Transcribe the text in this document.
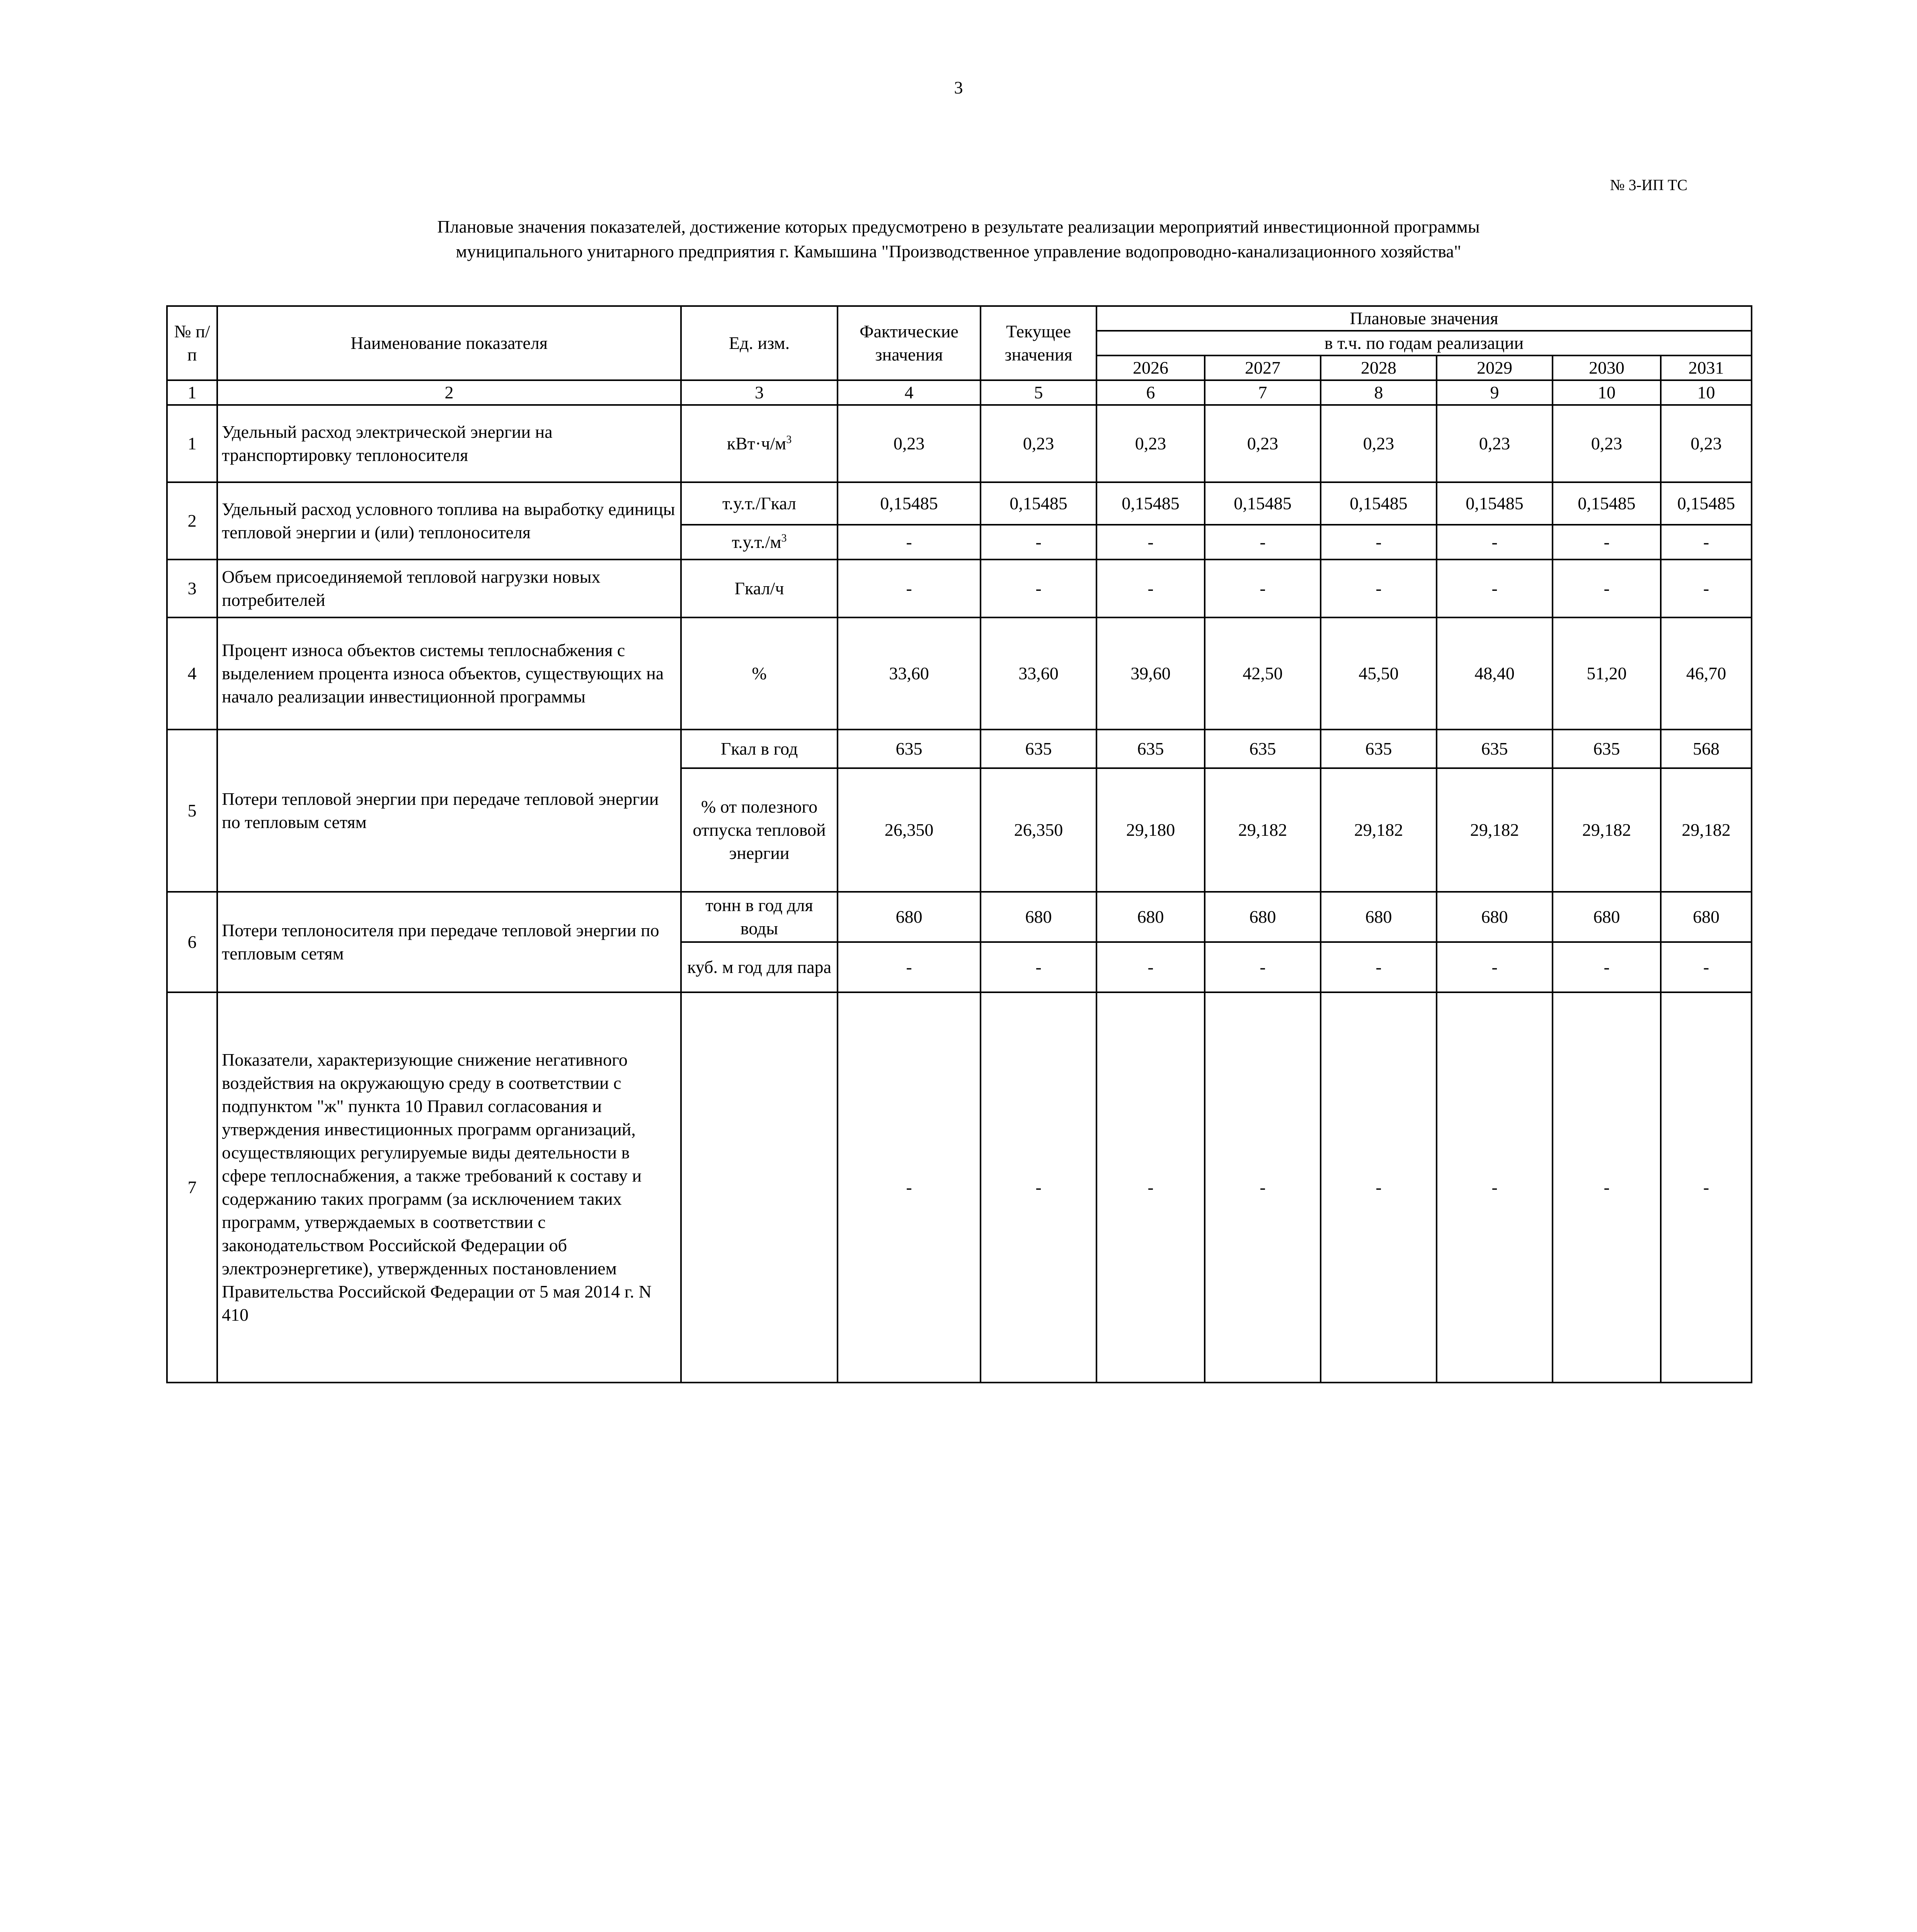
3
№ 3-ИП ТС
Плановые значения показателей, достижение которых предусмотрено в результате реализации мероприятий инвестиционной программы
муниципального унитарного предприятия г. Камышина "Производственное управление водопроводно-канализационного хозяйства"
№ п/п	Наименование показателя	Ед. изм.	Фактические значения	Текущее значения	Плановые значения					
					в т.ч. по годам реализации					
					2026	2027	2028	2029	2030	2031
1	2	3	4	5	6	7	8	9	10	10
1	Удельный расход электрической энергии на транспортировку теплоносителя	$кВт\cdot ч/м^3$	0,23	0,23	0,23	0,23	0,23	0,23	0,23	0,23
2	Удельный расход условного топлива на выработку единицы тепловой энергии и (или) теплоносителя	т.у.т./Гкал	0,15485	0,15485	0,15485	0,15485	0,15485	0,15485	0,15485	0,15485
		$т.у.т./м^3$	-	-	-	-	-	-	-	-
3	Объем присоединяемой тепловой нагрузки новых потребителей	Гкал/ч	-	-	-	-	-	-	-	-
4	Процент износа объектов системы теплоснабжения с выделением процента износа объектов, существующих на начало реализации инвестиционной программы	%	33,60	33,60	39,60	42,50	45,50	48,40	51,20	46,70
5	Потери тепловой энергии при передаче тепловой энергии по тепловым сетям	Гкал в год	635	635	635	635	635	635	635	568
		% от полезного отпуска тепловой энергии	26,350	26,350	29,180	29,182	29,182	29,182	29,182	29,182
6	Потери теплоносителя при передаче тепловой энергии по тепловым сетям	тонн в год для воды	680	680	680	680	680	680	680	680
		куб. м год для пара	-	-	-	-	-	-	-	-
7	Показатели, характеризующие снижение негативного воздействия на окружающую среду в соответствии с подпунктом "ж" пункта 10 Правил согласования и утверждения инвестиционных программ организаций, осуществляющих регулируемые виды деятельности в сфере теплоснабжения, а также требований к составу и содержанию таких программ (за исключением таких программ, утверждаемых в соответствии с законодательством Российской Федерации об электроэнергетике), утвержденных постановлением Правительства Российской Федерации от 5 мая 2014 г. N 410		-	-	-	-	-	-	-	-
